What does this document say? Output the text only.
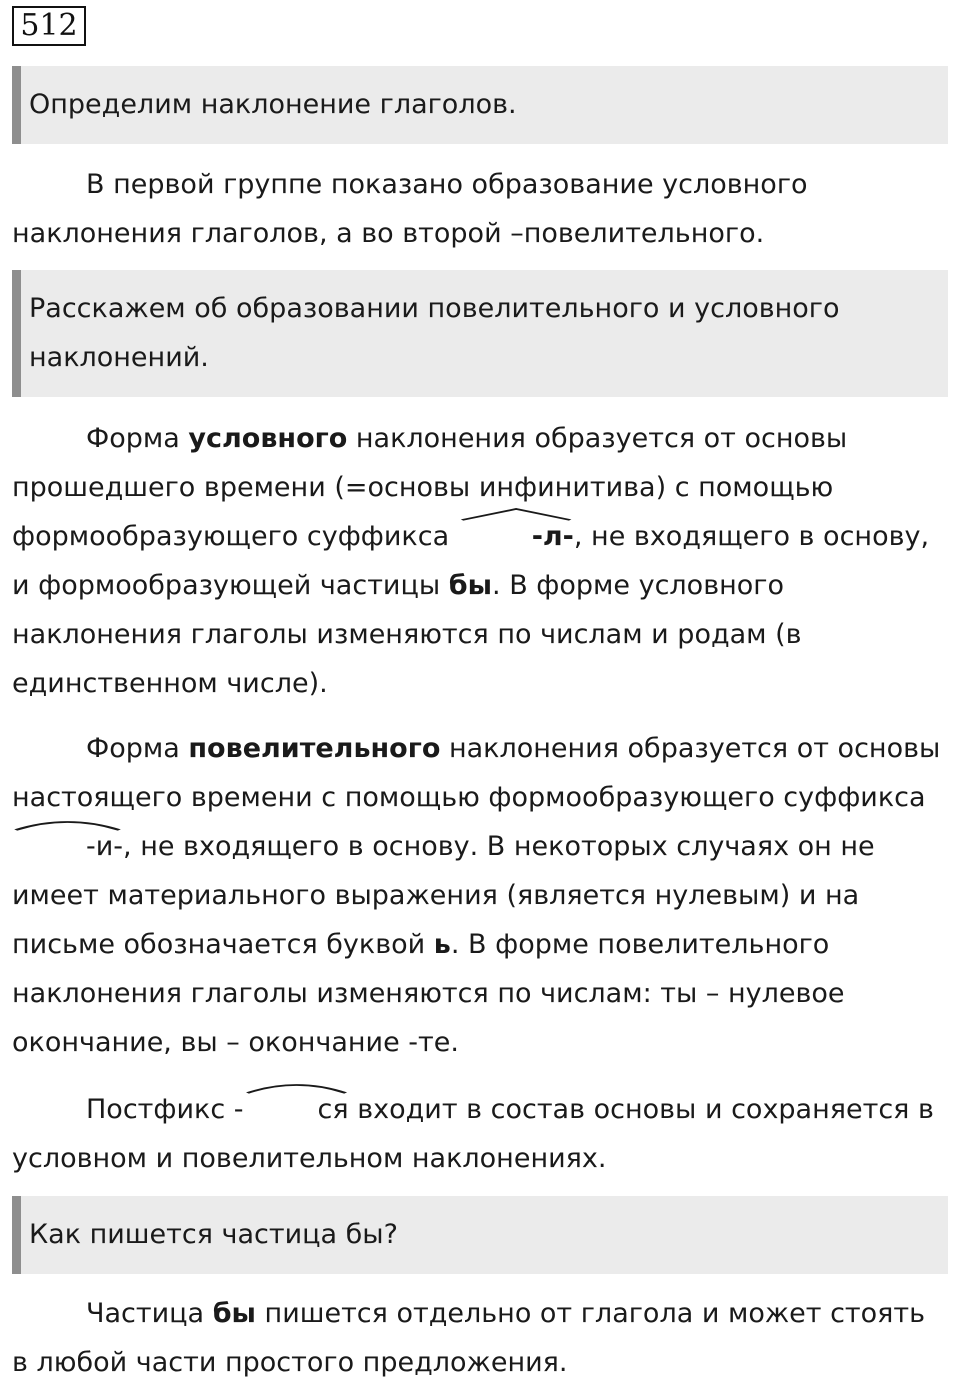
512
Определим наклонение глаголов.

В первой группе показано образование условного наклонения глаголов, а во второй –повелительного.

Расскажем об образовании повелительного и условного наклонений.

Форма условного наклонения образуется от основы прошедшего времени (=основы инфинитива) с помощью формообразующего суффикса	-л-, не входящего в основу, и формообразующей частицы бы. В форме условного наклонения глаголы изменяются по числам и родам (в единственном числе).

Форма повелительного наклонения образуется от основы настоящего времени с помощью формообразующего суффикса
-и-, не входящего в основу. В некоторых случаях он не имеет материального выражения (является нулевым) и на письме обозначается буквой ь. В форме повелительного наклонения глаголы изменяются по числам: ты – нулевое окончание, вы – окончание -те.

Постфикс -	ся входит в состав основы и сохраняется в условном и повелительном наклонениях.

Как пишется частица бы?

Частица бы пишется отдельно от глагола и может стоять в любой части простого предложения.
